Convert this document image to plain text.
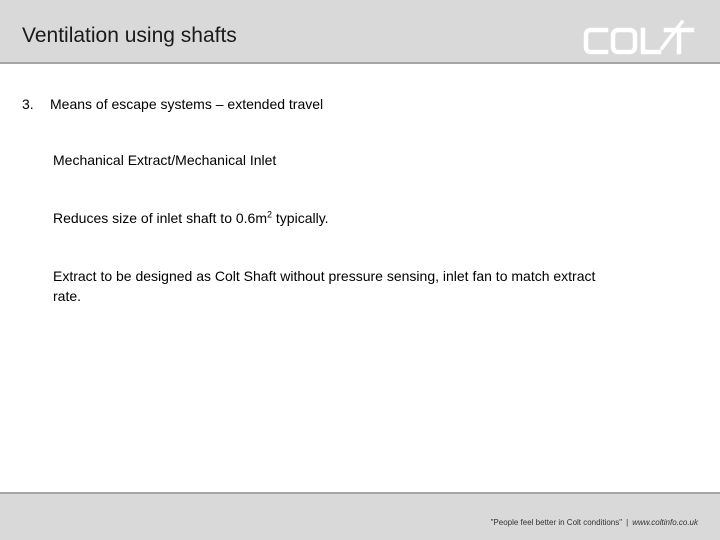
Ventilation using shafts
COLT
3. Means of escape systems – extended travel
Mechanical Extract/Mechanical Inlet
Reduces size of inlet shaft to $0.6m^2$ typically.
Extract to be designed as Colt Shaft without pressure sensing, inlet fan to match extract rate.
"People feel better in Colt conditions" | www.coltinfo.co.uk
